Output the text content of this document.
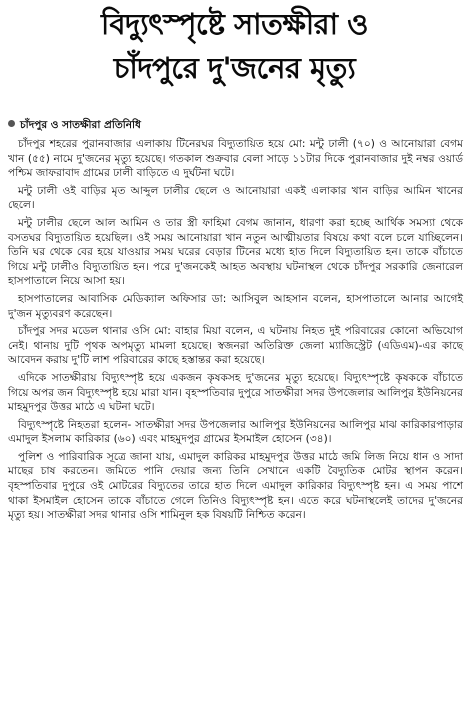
বিদ্যুৎস্পৃষ্টে সাতক্ষীরা ও
চাঁদপুরে দু'জনের মৃত্যু
চাঁদপুর ও সাতক্ষীরা প্রতিনিধি

চাঁদপুর শহরের পুরানবাজার এলাকায় টিনেরঘর বিদ্যুতায়িত হয়ে মো: মন্টু ঢালী (৭০) ও আনোয়ারা বেগম খান (৫৫) নামে দু'জনের মৃত্যু হয়েছে। গতকাল শুক্রবার বেলা সাড়ে ১১টার দিকে পুরানবাজার দুই নম্বর ওয়ার্ড পশ্চিম জাফরাবাদ গ্রামের ঢালী বাড়িতে এ দুর্ঘটনা ঘটে।

মন্টু ঢালী ওই বাড়ির মৃত আব্দুল ঢালীর ছেলে ও আনোয়ারা একই এলাকার খান বাড়ির আমিন খানের ছেলে।

মন্টু ঢালীর ছেলে আল আমিন ও তার স্ত্রী ফাহিমা বেগম জানান, ধারণা করা হচ্ছে আর্থিক সমস্যা থেকে বসতঘর বিদ্যুতায়িত হয়েছিল। ওই সময় আনোয়ারা খান নতুন আত্মীয়তার বিষয়ে কথা বলে চলে যাচ্ছিলেন। তিনি ঘর থেকে বের হয়ে যাওয়ার সময় ঘরের বেড়ার টিনের মধ্যে হাত দিলে বিদ্যুতায়িত হন। তাকে বাঁচাতে গিয়ে মন্টু ঢালীও বিদ্যুতায়িত হন। পরে দু'জনকেই আহত অবস্থায় ঘটনাস্থল থেকে চাঁদপুর সরকারি জেনারেল হাসপাতালে নিয়ে আসা হয়।

হাসপাতালের আবাসিক মেডিক্যাল অফিসার ডা: আসিবুল আহসান বলেন, হাসপাতালে আনার আগেই দু'জন মৃত্যুবরণ করেছেন।

চাঁদপুর সদর মডেল থানার ওসি মো: বাহার মিয়া বলেন, এ ঘটনায় নিহত দুই পরিবারের কোনো অভিযোগ নেই। থানায় দুটি পৃথক অপমৃত্যু মামলা হয়েছে। স্বজনরা অতিরিক্ত জেলা ম্যাজিস্ট্রেট (এডিএম)-এর কাছে আবেদন করায় দু'টি লাশ পরিবারের কাছে হস্তান্তর করা হয়েছে।

এদিকে সাতক্ষীরায় বিদ্যুৎস্পৃষ্ট হয়ে একজন কৃষকসহ দু'জনের মৃত্যু হয়েছে। বিদ্যুৎস্পৃষ্টে কৃষককে বাঁচাতে গিয়ে অপর জন বিদ্যুৎস্পৃষ্ট হয়ে মারা যান। বৃহস্পতিবার দুপুরে সাতক্ষীরা সদর উপজেলার আলিপুর ইউনিয়নের মাহমুদপুর উত্তর মাঠে এ ঘটনা ঘটে।

বিদ্যুৎস্পৃষ্টে নিহতরা হলেন- সাতক্ষীরা সদর উপজেলার আলিপুর ইউনিয়নের আলিপুর মাঝ কারিকারপাড়ার এমাদুল ইসলাম কারিকার (৬০) এবং মাহমুদপুর গ্রামের ইসমাইল হোসেন (৩৪)।

পুলিশ ও পারিবারিক সূত্রে জানা যায়, এমাদুল কারিকর মাহমুদপুর উত্তর মাঠে জমি লিজ নিয়ে ধান ও সাদা মাছের চাষ করতেন। জমিতে পানি দেয়ার জন্য তিনি সেখানে একটি বৈদ্যুতিক মোটর স্থাপন করেন। বৃহস্পতিবার দুপুরে ওই মোটরের বিদ্যুতের তারে হাত দিলে এমাদুল কারিকার বিদ্যুৎস্পৃষ্ট হন। এ সময় পাশে থাকা ইসমাইল হোসেন তাকে বাঁচাতে গেলে তিনিও বিদ্যুৎস্পৃষ্ট হন। এতে করে ঘটনাস্থলেই তাদের দু'জনের মৃত্যু হয়। সাতক্ষীরা সদর থানার ওসি শামিনুল হক বিষয়টি নিশ্চিত করেন।
